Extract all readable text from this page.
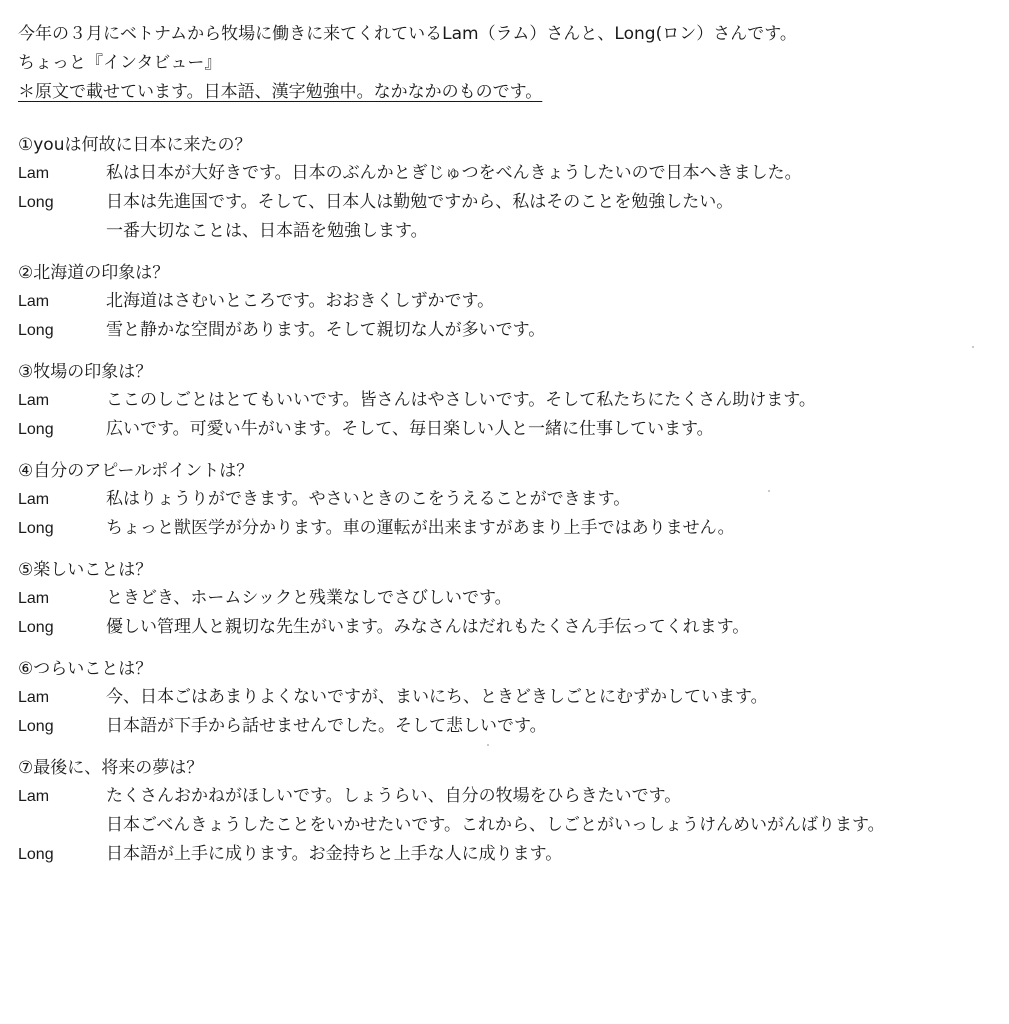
今年の３月にベトナムから牧場に働きに来てくれているLam（ラム）さんと、Long(ロン）さんです。
ちょっと『インタビュー』
＊原文で載せています。日本語、漢字勉強中。なかなかのものです。
①youは何故に日本に来たの？
Lam	私は日本が大好きです。日本のぶんかとぎじゅつをべんきょうしたいので日本へきました。
Long	日本は先進国です。そして、日本人は勤勉ですから、私はそのことを勉強したい。
一番大切なことは、日本語を勉強します。
②北海道の印象は？
Lam	北海道はさむいところです。おおきくしずかです。
Long	雪と静かな空間があります。そして親切な人が多いです。
③牧場の印象は？
Lam	ここのしごとはとてもいいです。皆さんはやさしいです。そして私たちにたくさん助けます。
Long	広いです。可愛い牛がいます。そして、毎日楽しい人と一緒に仕事しています。
④自分のアピールポイントは？
Lam	私はりょうりができます。やさいときのこをうえることができます。
Long	ちょっと獣医学が分かります。車の運転が出来ますがあまり上手ではありません。
⑤楽しいことは？
Lam	ときどき、ホームシックと残業なしでさびしいです。
Long	優しい管理人と親切な先生がいます。みなさんはだれもたくさん手伝ってくれます。
⑥つらいことは？
Lam	今、日本ごはあまりよくないですが、まいにち、ときどきしごとにむずかしています。
Long	日本語が下手から話せませんでした。そして悲しいです。
⑦最後に、将来の夢は？
Lam	たくさんおかねがほしいです。しょうらい、自分の牧場をひらきたいです。
日本ごべんきょうしたことをいかせたいです。これから、しごとがいっしょうけんめいがんばります。
Long	日本語が上手に成ります。お金持ちと上手な人に成ります。
